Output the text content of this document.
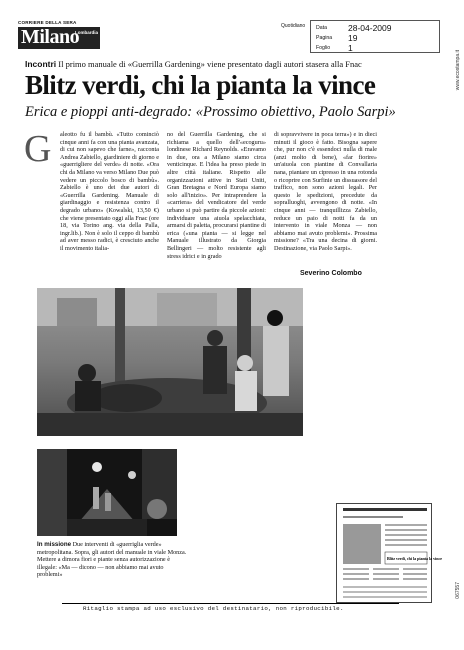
CORRIERE DELLA SERA
Milano
Lombardia
Quotidiano Data 28-04-2009
Pagina 19
Foglio 1
www.ecostampa.it
067557
Incontri Il primo manuale di «Guerrilla Gardening» viene presentato dagli autori stasera alla Fnac
Blitz verdi, chi la pianta la vince
Erica e pioppi anti-degrado: «Prossimo obiettivo, Paolo Sarpi»
G aleotto fu il bambù. «Tutto cominciò cinque anni fa con una pianta avanzata, di cui non sapevo che farne», racconta Andrea Zabiello, giardiniere di giorno e «guerrigliere del verde» di notte. «Ora chi da Milano va verso Milano Due può vedere un piccolo bosco di bambù». Zabiello è uno dei due autori di «Guerrilla Gardening. Manuale di giardinaggio e resistenza contro il degrado urbano» (Kowalski, 13,50 €) che viene presentato oggi alla Fnac (ore 18, via Torino ang. via della Palla, ingr.lib.). Non è solo il ceppo di bambù ad aver messo radici, è cresciuto anche il movimento italia-
no del Guerrilla Gardening, che si richiama a quello dell'«ecoguru» londinese Richard Reynolds. «Eravamo in due, ora a Milano siamo circa venticinque. E l'idea ha preso piede in altre città italiane. Rispetto alle organizzazioni attive in Stati Uniti, Gran Bretagna e Nord Europa siamo solo all'inizio». Per intraprendere la «carriera» del vendicatore del verde urbano si può partire da piccole azioni: individuare una aiuola spelacchiata, armarsi di paletta, procurarsi piantine di erica («una pianta — si legge nel Manuale illustrato da Giorgia Bellingeri — molto resistente agli stress idrici e in grado
di sopravvivere in poca terra») e in dieci minuti il gioco è fatto. Bisogna sapere che, pur non c'è essendoci nulla di male (anzi molto di bene), «far fiorire» un'aiuola con piantine di Convallaria nana, piantare un cipresso in una rotonda o ricoprire con Surfinie un dissuasore del traffico, non sono azioni legali. Per questo le spedizioni, precedute da sopralluoghi, avvengono di notte. «In cinque anni — tranquillizza Zabiello, reduce un paio di notti fa da un intervento in viale Monza — non abbiamo mai avuto problemi». Prossima missione? «Tra una decina di giorni. Destinazione, via Paolo Sarpi».
Severino Colombo
Blitz verdi, chi la pianta la vince
In missione Due interventi di «guerriglia verde» metropolitana. Sopra, gli autori del manuale in viale Monza. Mettere a dimora fiori e piante senza autorizzazione è illegale: «Ma — dicono — non abbiamo mai avuto problemi»
Ritaglio stampa ad uso esclusivo del destinatario, non riproducibile.
